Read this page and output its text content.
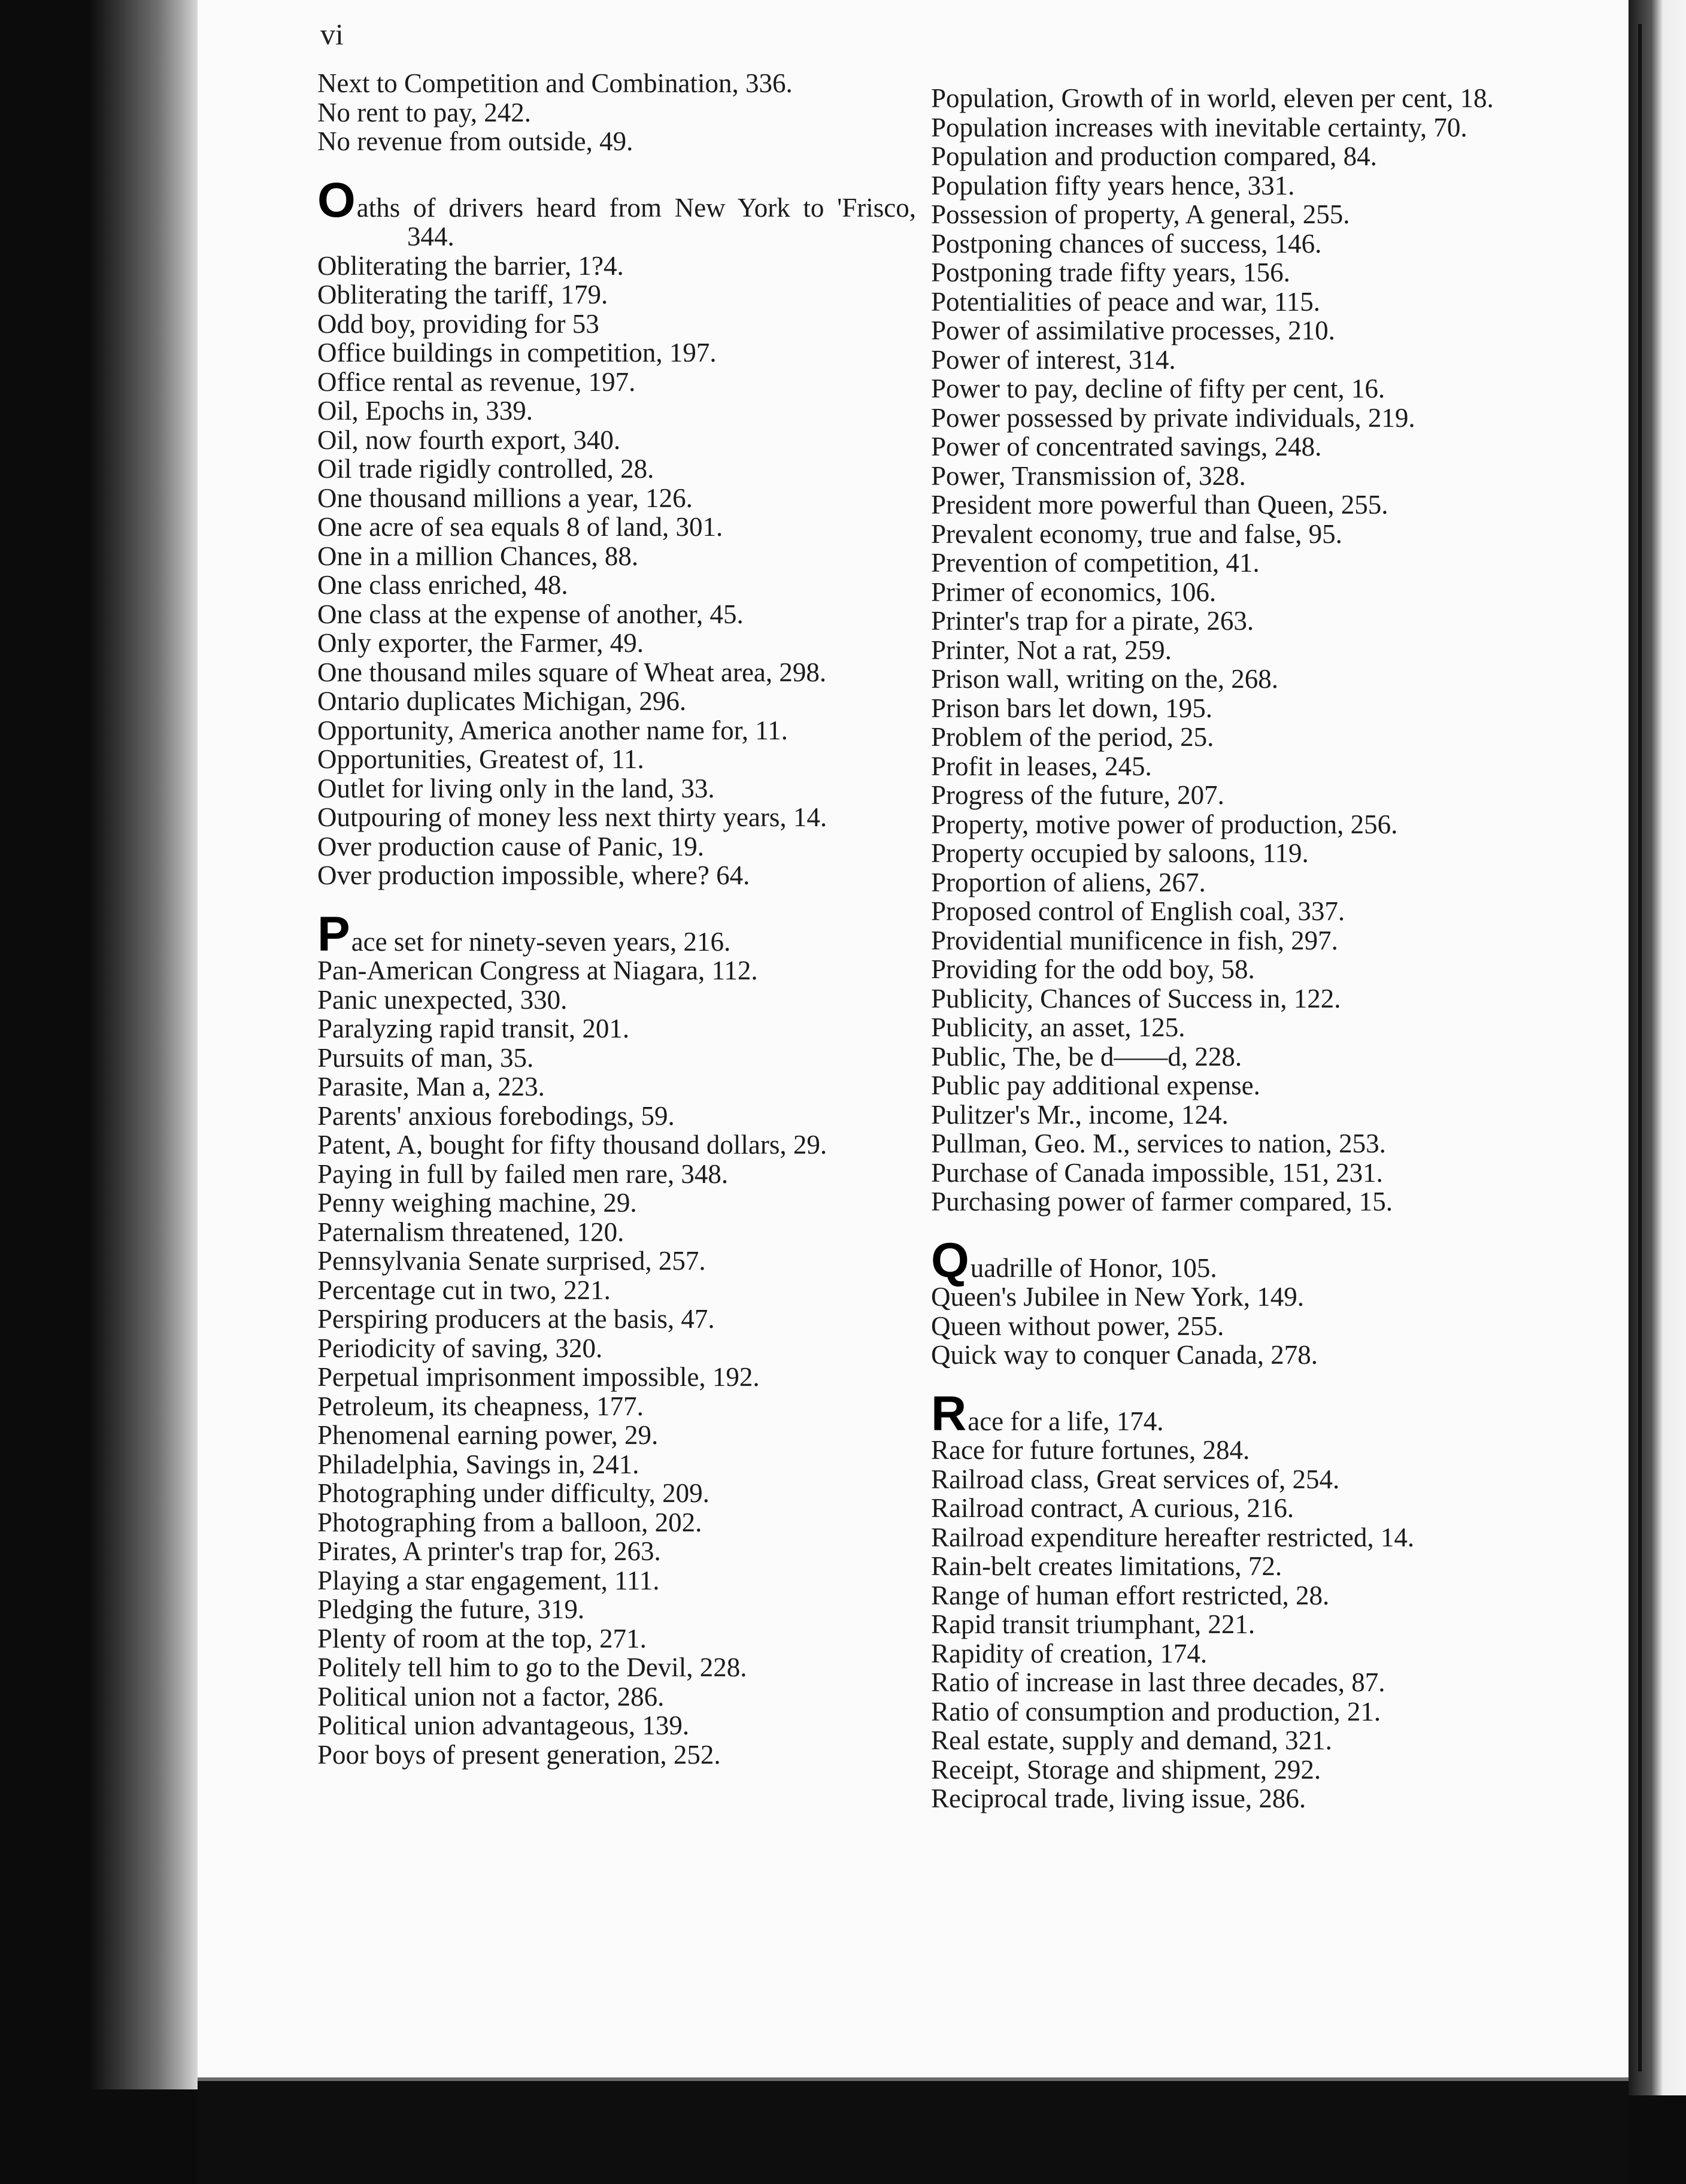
vi
Next to Competition and Combination, 336.
No rent to pay, 242.
No revenue from outside, 49.
Oaths of drivers heard from New York to 'Frisco, 344.
Obliterating the barrier, 1?4.
Obliterating the tariff, 179.
Odd boy, providing for 53
Office buildings in competition, 197.
Office rental as revenue, 197.
Oil, Epochs in, 339.
Oil, now fourth export, 340.
Oil trade rigidly controlled, 28.
One thousand millions a year, 126.
One acre of sea equals 8 of land, 301.
One in a million Chances, 88.
One class enriched, 48.
One class at the expense of another, 45.
Only exporter, the Farmer, 49.
One thousand miles square of Wheat area, 298.
Ontario duplicates Michigan, 296.
Opportunity, America another name for, 11.
Opportunities, Greatest of, 11.
Outlet for living only in the land, 33.
Outpouring of money less next thirty years, 14.
Over production cause of Panic, 19.
Over production impossible, where? 64.
Pace set for ninety-seven years, 216.
Pan-American Congress at Niagara, 112.
Panic unexpected, 330.
Paralyzing rapid transit, 201.
Pursuits of man, 35.
Parasite, Man a, 223.
Parents' anxious forebodings, 59.
Patent, A, bought for fifty thousand dollars, 29.
Paying in full by failed men rare, 348.
Penny weighing machine, 29.
Paternalism threatened, 120.
Pennsylvania Senate surprised, 257.
Percentage cut in two, 221.
Perspiring producers at the basis, 47.
Periodicity of saving, 320.
Perpetual imprisonment impossible, 192.
Petroleum, its cheapness, 177.
Phenomenal earning power, 29.
Philadelphia, Savings in, 241.
Photographing under difficulty, 209.
Photographing from a balloon, 202.
Pirates, A printer's trap for, 263.
Playing a star engagement, 111.
Pledging the future, 319.
Plenty of room at the top, 271.
Politely tell him to go to the Devil, 228.
Political union not a factor, 286.
Political union advantageous, 139.
Poor boys of present generation, 252.
Population, Growth of in world, eleven per cent, 18.
Population increases with inevitable certainty, 70.
Population and production compared, 84.
Population fifty years hence, 331.
Possession of property, A general, 255.
Postponing chances of success, 146.
Postponing trade fifty years, 156.
Potentialities of peace and war, 115.
Power of assimilative processes, 210.
Power of interest, 314.
Power to pay, decline of fifty per cent, 16.
Power possessed by private individuals, 219.
Power of concentrated savings, 248.
Power, Transmission of, 328.
President more powerful than Queen, 255.
Prevalent economy, true and false, 95.
Prevention of competition, 41.
Primer of economics, 106.
Printer's trap for a pirate, 263.
Printer, Not a rat, 259.
Prison wall, writing on the, 268.
Prison bars let down, 195.
Problem of the period, 25.
Profit in leases, 245.
Progress of the future, 207.
Property, motive power of production, 256.
Property occupied by saloons, 119.
Proportion of aliens, 267.
Proposed control of English coal, 337.
Providential munificence in fish, 297.
Providing for the odd boy, 58.
Publicity, Chances of Success in, 122.
Publicity, an asset, 125.
Public, The, be d——d, 228.
Public pay additional expense.
Pulitzer's Mr., income, 124.
Pullman, Geo. M., services to nation, 253.
Purchase of Canada impossible, 151, 231.
Purchasing power of farmer compared, 15.
Quadrille of Honor, 105.
Queen's Jubilee in New York, 149.
Queen without power, 255.
Quick way to conquer Canada, 278.
Race for a life, 174.
Race for future fortunes, 284.
Railroad class, Great services of, 254.
Railroad contract, A curious, 216.
Railroad expenditure hereafter restricted, 14.
Rain-belt creates limitations, 72.
Range of human effort restricted, 28.
Rapid transit triumphant, 221.
Rapidity of creation, 174.
Ratio of increase in last three decades, 87.
Ratio of consumption and production, 21.
Real estate, supply and demand, 321.
Receipt, Storage and shipment, 292.
Reciprocal trade, living issue, 286.
